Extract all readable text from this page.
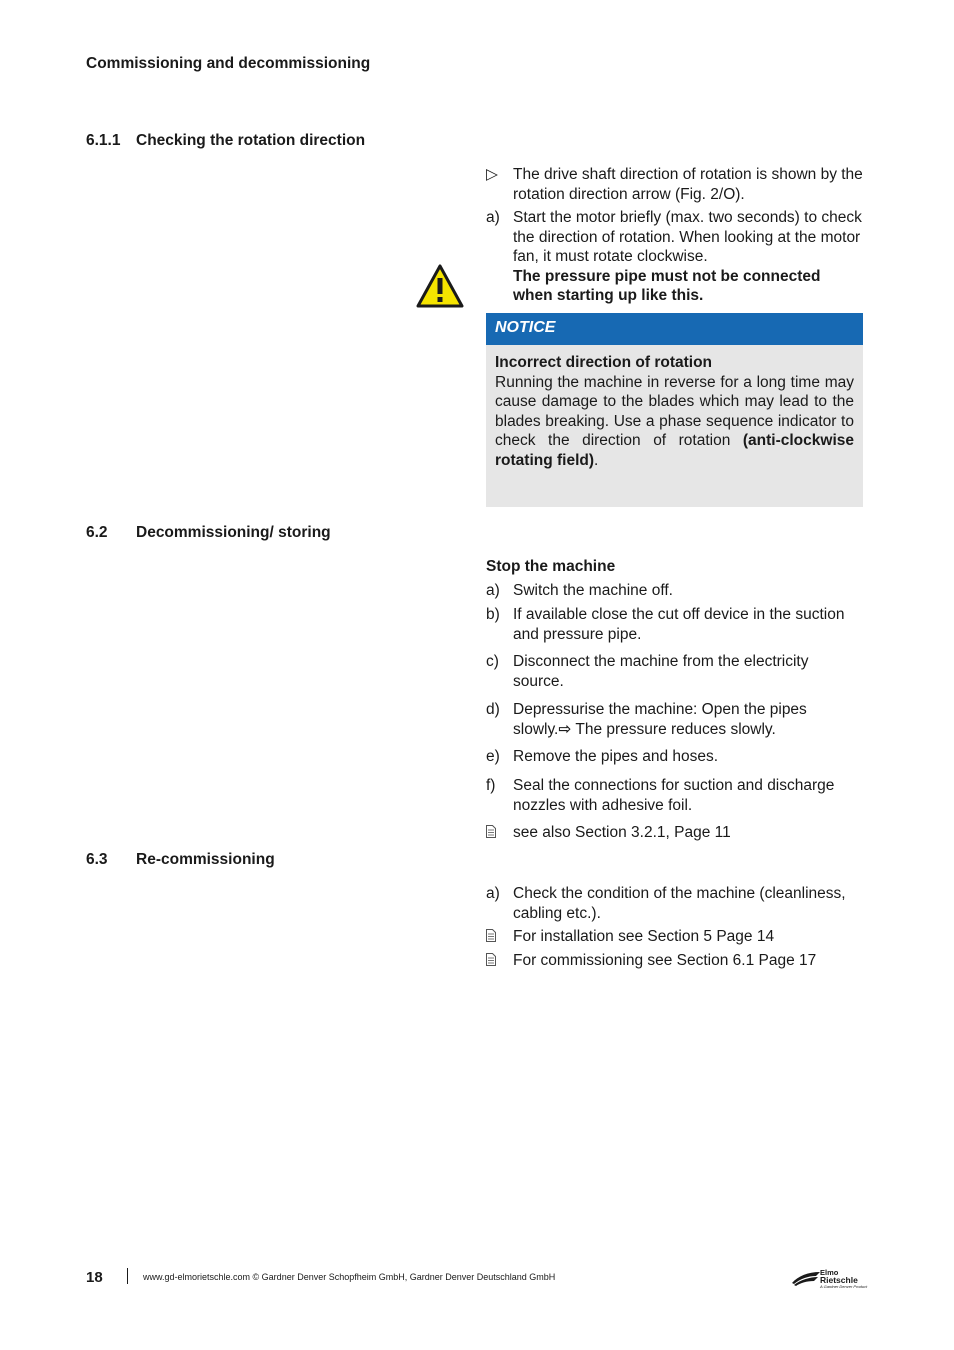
Commissioning and decommissioning
6.1.1 Checking the rotation direction
▷ The drive shaft direction of rotation is shown by the rotation direction arrow (Fig. 2/O).
a) Start the motor briefly (max. two seconds) to check the direction of rotation. When looking at the motor fan, it must rotate clockwise.
The pressure pipe must not be connected when starting up like this.
NOTICE
Incorrect direction of rotation
Running the machine in reverse for a long time may cause damage to the blades which may lead to the blades breaking. Use a phase sequence indicator to check the direction of rotation (anti-clockwise rotating field).
6.2 Decommissioning/ storing
Stop the machine
a) Switch the machine off.
b) If available close the cut off device in the suction and pressure pipe.
c) Disconnect the machine from the electricity source.
d) Depressurise the machine: Open the pipes slowly.⇨ The pressure reduces slowly.
e) Remove the pipes and hoses.
f)	Seal the connections for suction and discharge nozzles with adhesive foil.
see also Section 3.2.1, Page 11
6.3 Re-commissioning
a) Check the condition of the machine (cleanliness, cabling etc.).
For installation see Section 5 Page 14
For commissioning see Section 6.1 Page 17
18	www.gd-elmorietschle.com © Gardner Denver Schopfheim GmbH, Gardner Denver Deutschland GmbH	Elmo
Rietschle
A Gardner Denver Product
